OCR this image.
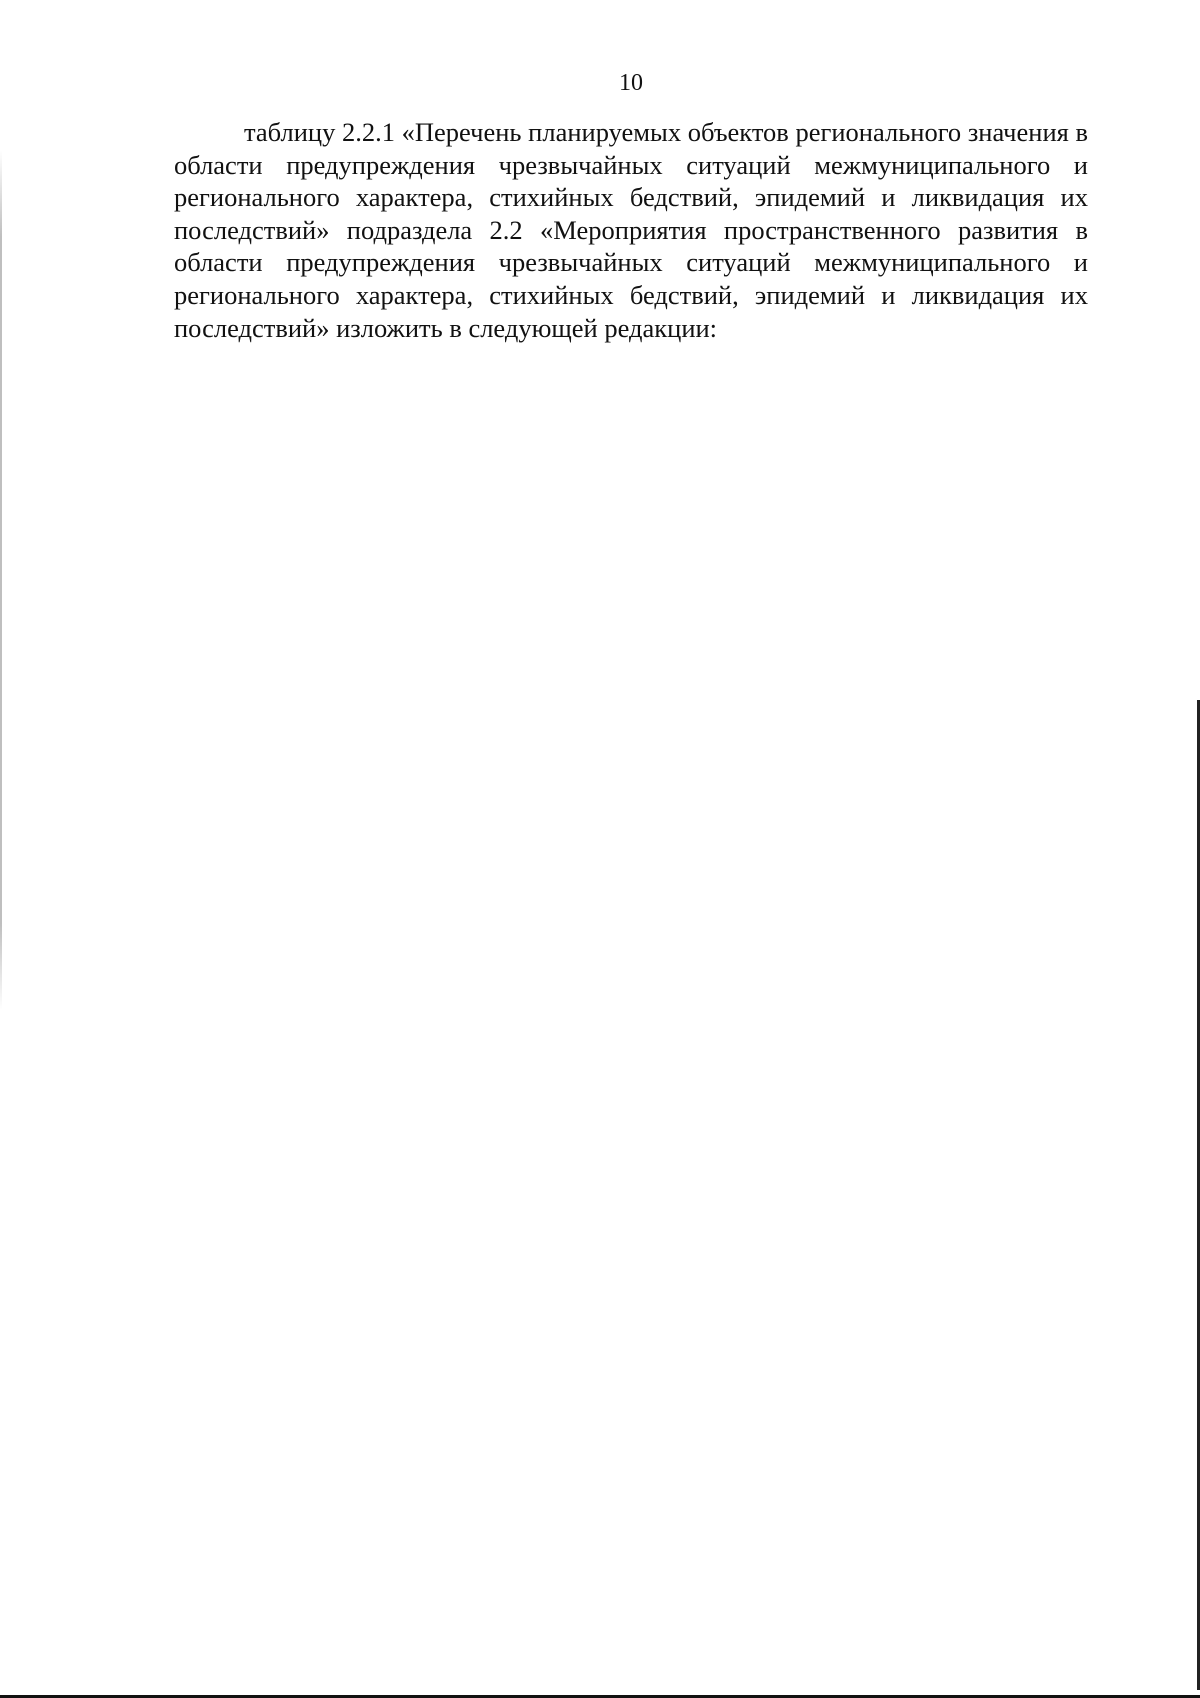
10

таблицу 2.2.1 «Перечень планируемых объектов регионального значения в области предупреждения чрезвычайных ситуаций межмуниципального и регионального характера, стихийных бедствий, эпидемий и ликвидация их последствий» подраздела 2.2 «Мероприятия пространственного развития в области предупреждения чрезвычайных ситуаций межмуниципального и регионального характера, стихийных бедствий, эпидемий и ликвидация их последствий» изложить в следующей редакции:
